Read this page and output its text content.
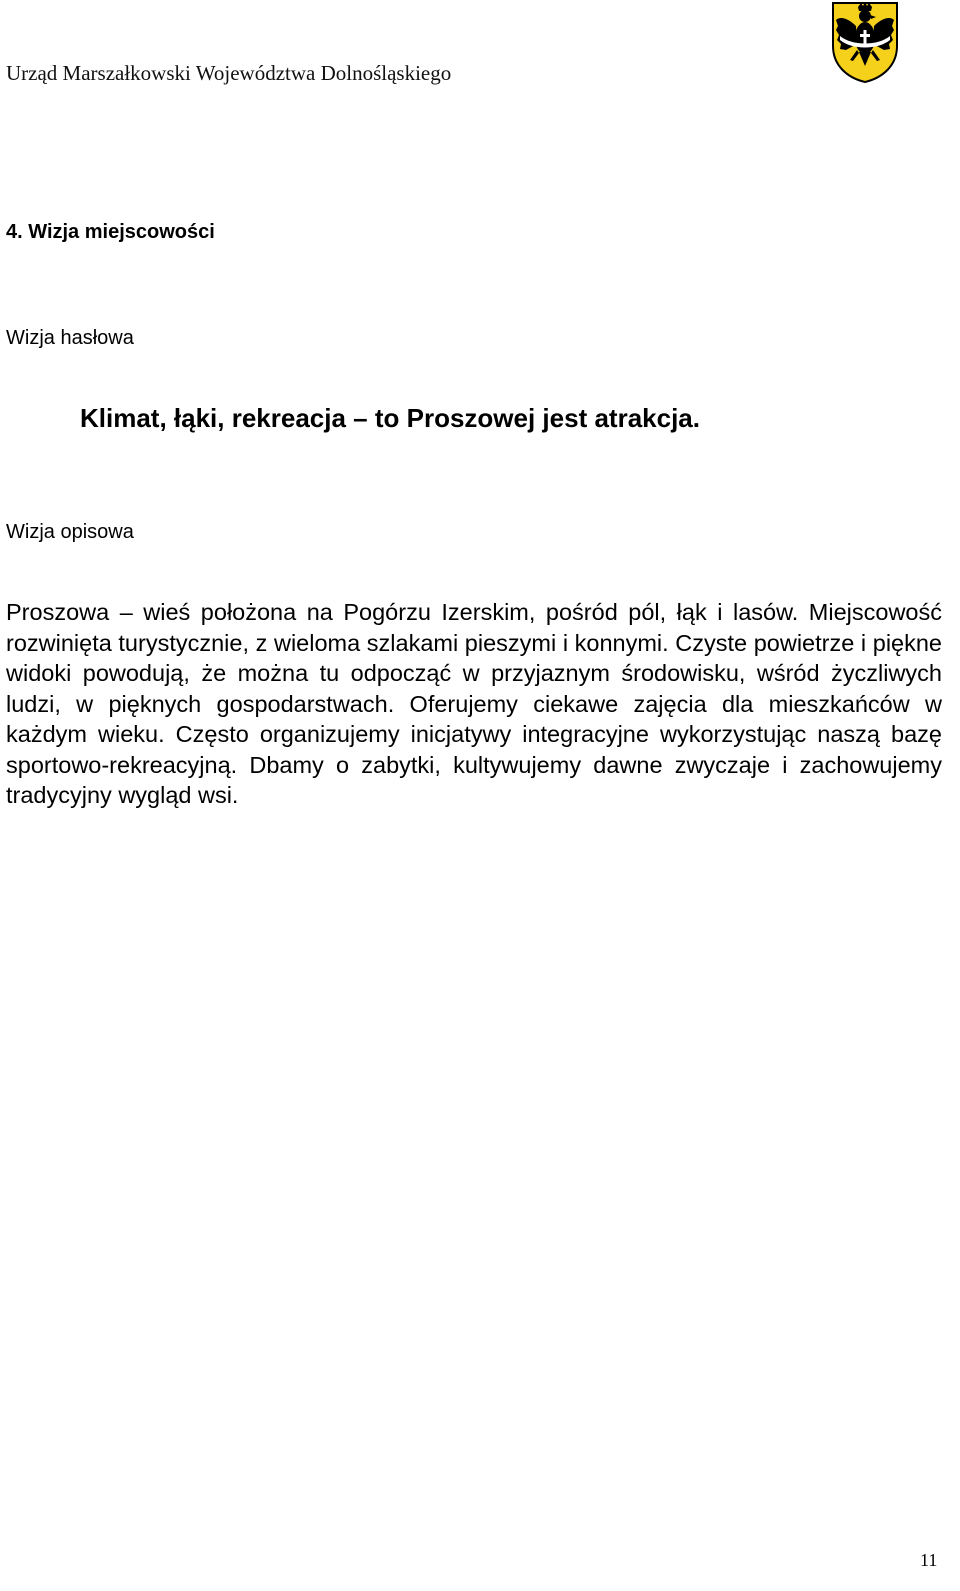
Urząd Marszałkowski Województwa Dolnośląskiego
4. Wizja miejscowości
Wizja hasłowa
Klimat, łąki, rekreacja – to Proszowej jest atrakcja.
Wizja opisowa

Proszowa – wieś położona na Pogórzu Izerskim, pośród pól, łąk i lasów. Miejscowość rozwinięta turystycznie, z wieloma szlakami pieszymi i konnymi. Czyste powietrze i piękne widoki powodują, że można tu odpocząć w przyjaznym środowisku, wśród życzliwych ludzi, w pięknych gospodarstwach. Oferujemy ciekawe zajęcia dla mieszkańców w każdym wieku. Często organizujemy inicjatywy integracyjne wykorzystując naszą bazę sportowo-rekreacyjną. Dbamy o zabytki, kultywujemy dawne zwyczaje i zachowujemy tradycyjny wygląd wsi.

11
